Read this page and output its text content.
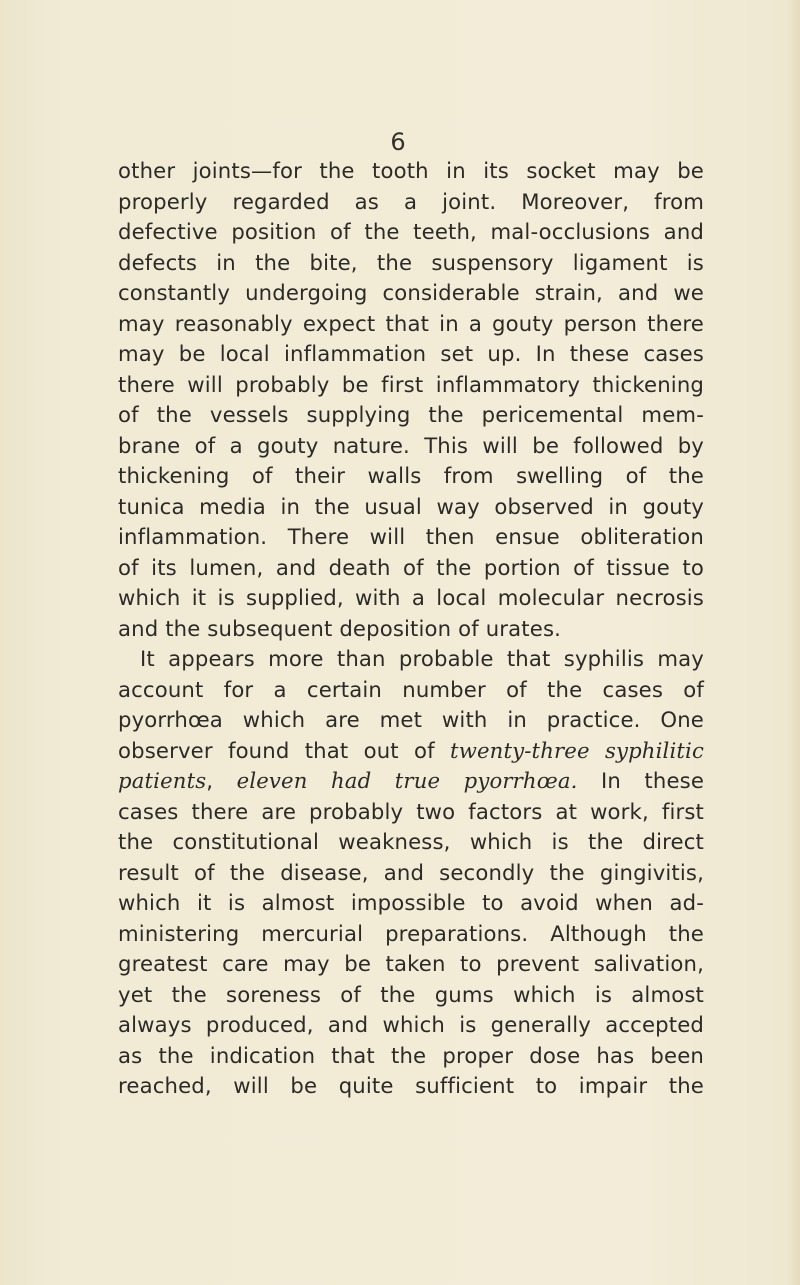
6
other joints—for the tooth in its socket may be
properly regarded as a joint. Moreover, from
defective position of the teeth, mal-occlusions and
defects in the bite, the suspensory ligament is
constantly undergoing considerable strain, and we
may reasonably expect that in a gouty person there
may be local inflammation set up. In these cases
there will probably be first inflammatory thickening
of the vessels supplying the pericemental mem-
brane of a gouty nature. This will be followed by
thickening of their walls from swelling of the
tunica media in the usual way observed in gouty
inflammation. There will then ensue obliteration
of its lumen, and death of the portion of tissue to
which it is supplied, with a local molecular necrosis
and the subsequent deposition of urates.
It appears more than probable that syphilis may
account for a certain number of the cases of
pyorrhœa which are met with in practice. One
observer found that out of twenty-three syphilitic
patients, eleven had true pyorrhœa. In these
cases there are probably two factors at work, first
the constitutional weakness, which is the direct
result of the disease, and secondly the gingivitis,
which it is almost impossible to avoid when ad-
ministering mercurial preparations. Although the
greatest care may be taken to prevent salivation,
yet the soreness of the gums which is almost
always produced, and which is generally accepted
as the indication that the proper dose has been
reached, will be quite sufficient to impair the
